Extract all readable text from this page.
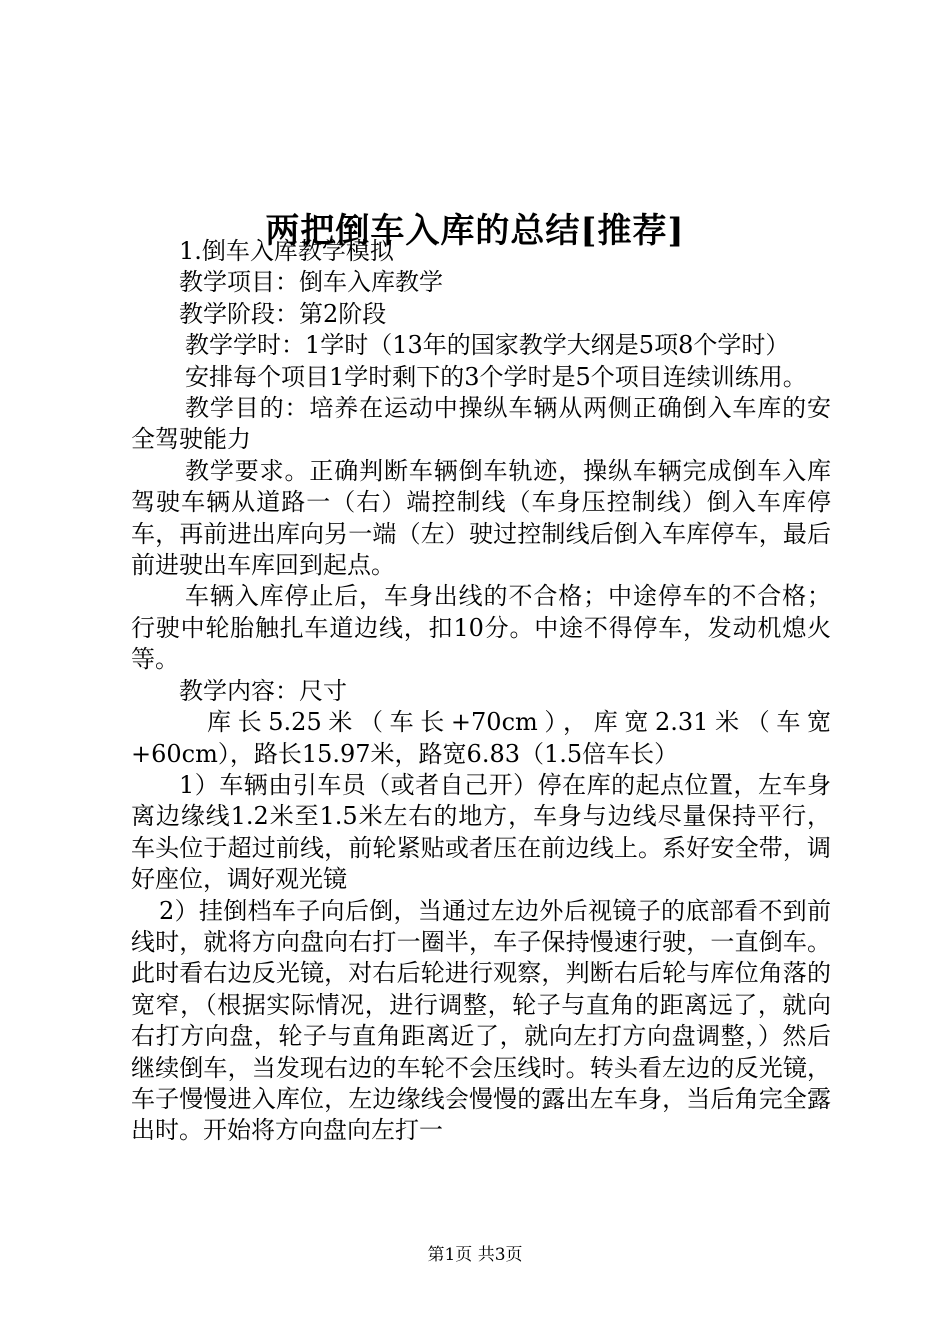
两把倒车入库的总结[推荐]

1.倒车入库教学模拟

教学项目：倒车入库教学

教学阶段：第2阶段

教学学时：1学时（13年的国家教学大纲是5项8个学时）

安排每个项目1学时剩下的3个学时是5个项目连续训练用。

教学目的：培养在运动中操纵车辆从两侧正确倒入车库的安全驾驶能力

教学要求。正确判断车辆倒车轨迹，操纵车辆完成倒车入库驾驶车辆从道路一（右）端控制线（车身压控制线）倒入车库停车，再前进出库向另一端（左）驶过控制线后倒入车库停车，最后前进驶出车库回到起点。

车辆入库停止后，车身出线的不合格；中途停车的不合格；行驶中轮胎触扎车道边线，扣10分。中途不得停车，发动机熄火等。

教学内容：尺寸

库长5.25米（车长+70cm），库宽2.31米（车宽+60cm），路长15.97米，路宽6.83（1.5倍车长）

1）车辆由引车员（或者自己开）停在库的起点位置，左车身离边缘线1.2米至1.5米左右的地方，车身与边线尽量保持平行，车头位于超过前线，前轮紧贴或者压在前边线上。系好安全带，调好座位，调好观光镜

2）挂倒档车子向后倒，当通过左边外后视镜子的底部看不到前线时，就将方向盘向右打一圈半，车子保持慢速行驶，一直倒车。此时看右边反光镜，对右后轮进行观察，判断右后轮与库位角落的宽窄，（根据实际情况，进行调整，轮子与直角的距离远了，就向右打方向盘，轮子与直角距离近了，就向左打方向盘调整，）然后继续倒车，当发现右边的车轮不会压线时。转头看左边的反光镜，车子慢慢进入库位，左边缘线会慢慢的露出左车身，当后角完全露出时。开始将方向盘向左打一

第1页 共3页
